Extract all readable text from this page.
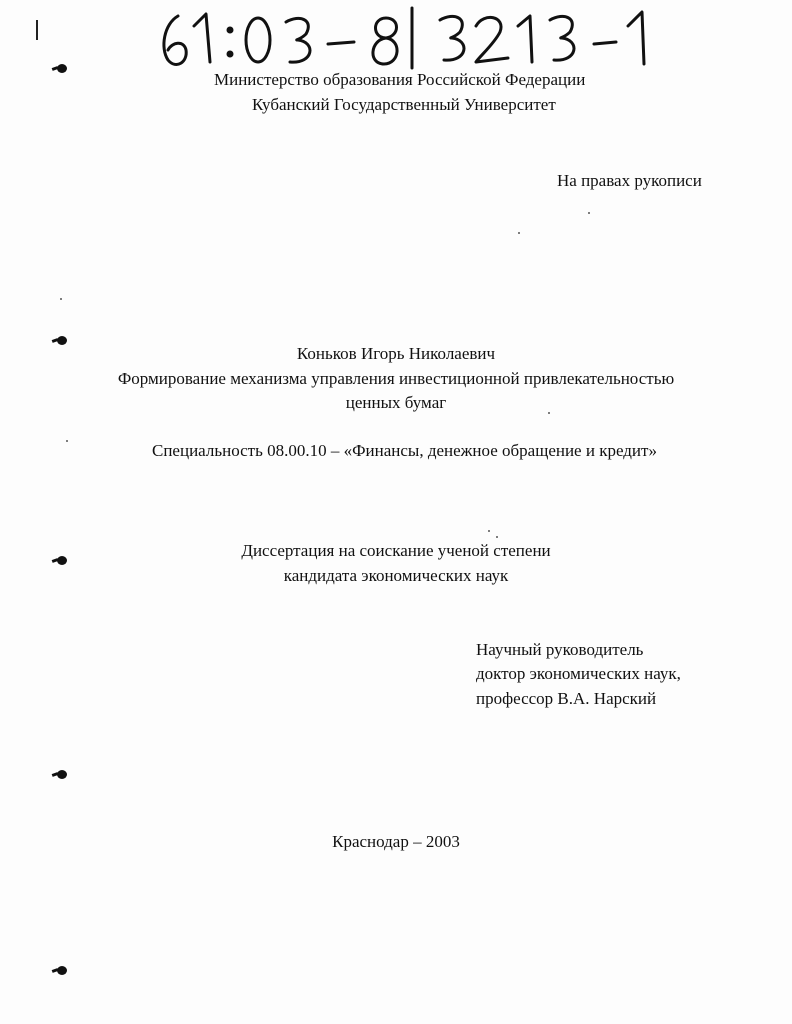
Министерство образования Российской Федерации
Кубанский Государственный Университет
На правах рукописи
Коньков Игорь Николаевич
Формирование механизма управления инвестиционной привлекательностью
ценных бумаг
Специальность 08.00.10 – «Финансы, денежное обращение и кредит»
Диссертация на соискание ученой степени
кандидата экономических наук
Научный руководитель
доктор экономических наук,
профессор В.А. Нарский
Краснодар – 2003
